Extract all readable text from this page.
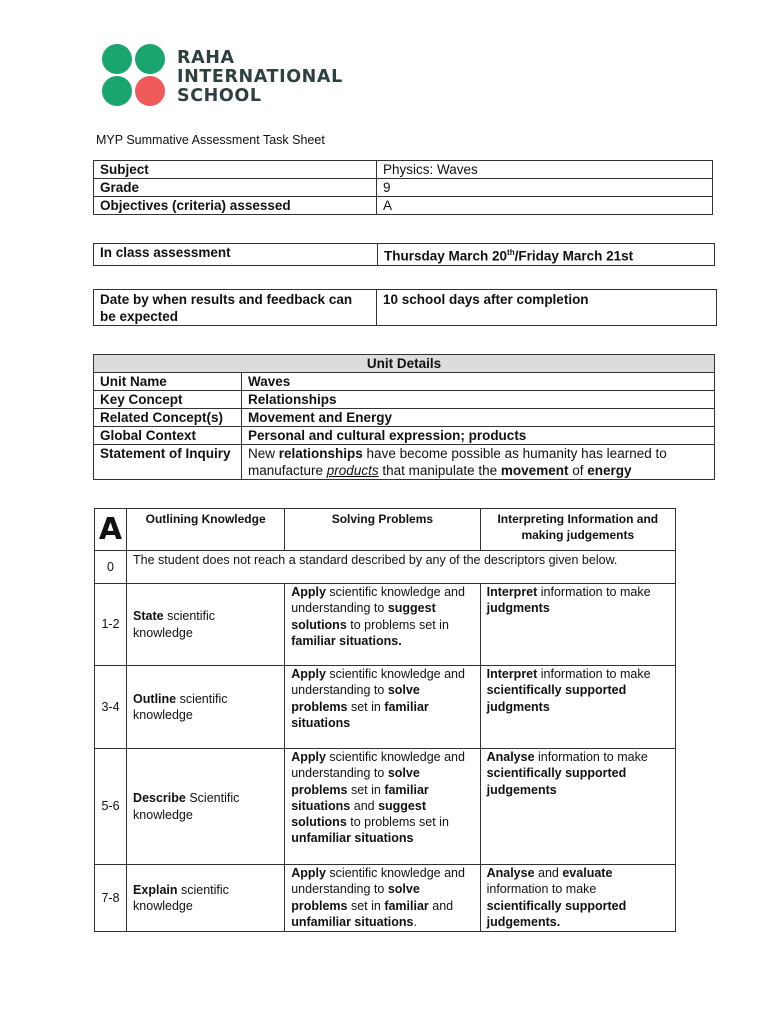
RAHA
INTERNATIONAL
SCHOOL
MYP Summative Assessment Task Sheet
Subject	Physics: Waves
Grade	9
Objectives (criteria) assessed	A
In class assessment	Thursday March 20th/Friday March 21st
Date by when results and feedback can be expected	10 school days after completion
Unit Details	
Unit Name	Waves
Key Concept	Relationships
Related Concept(s)	Movement and Energy
Global Context	Personal and cultural expression; products
Statement of Inquiry	New relationships have become possible as humanity has learned to manufacture products that manipulate the movement of energy
A	Outlining Knowledge	Solving Problems	Interpreting Information and making judgements
0	The student does not reach a standard described by any of the descriptors given below.		
1-2	State scientific knowledge	Apply scientific knowledge and understanding to suggest solutions to problems set in familiar situations.	Interpret information to make judgments
3-4	Outline scientific knowledge	Apply scientific knowledge and understanding to solve problems set in familiar situations	Interpret information to make scientifically supported judgments
5-6	Describe Scientific knowledge	Apply scientific knowledge and understanding to solve problems set in familiar situations and suggest solutions to problems set in unfamiliar situations	Analyse information to make scientifically supported judgements
7-8	Explain scientific knowledge	Apply scientific knowledge and understanding to solve problems set in familiar and unfamiliar situations.	Analyse and evaluate information to make scientifically supported judgements.
